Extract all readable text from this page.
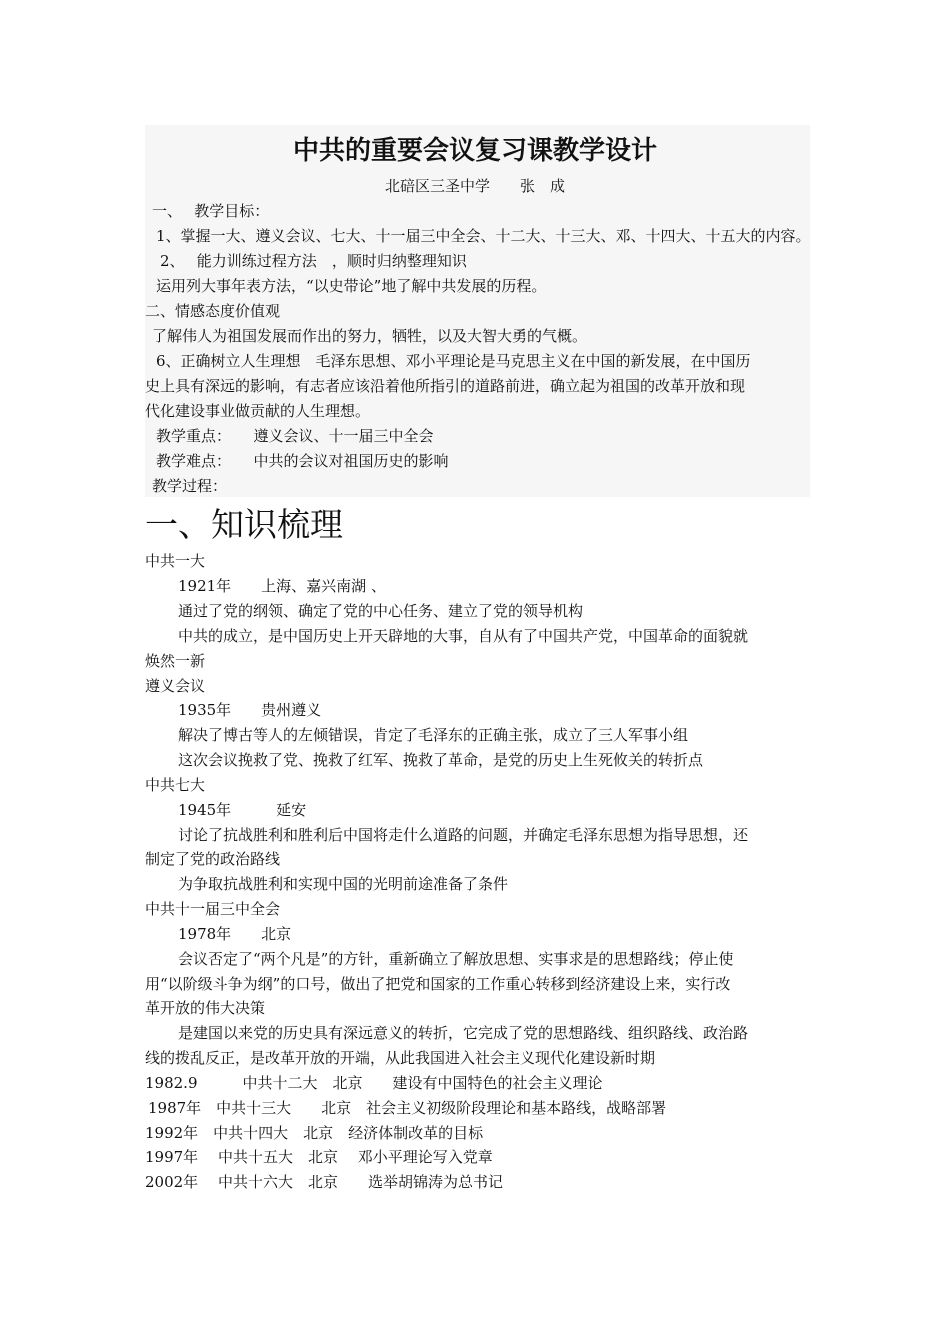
中共的重要会议复习课教学设计
北碚区三圣中学　　张　成
一、　 教学目标：
1、掌握一大、遵义会议、七大、十一届三中全会、十二大、十三大、邓、十四大、十五大的内容。
2、　 能力训练过程方法　，顺时归纳整理知识
运用列大事年表方法，“以史带论”地了解中共发展的历程。
二、情感态度价值观
了解伟人为祖国发展而作出的努力，牺牲，以及大智大勇的气概。
6、正确树立人生理想　毛泽东思想、邓小平理论是马克思主义在中国的新发展，在中国历
史上具有深远的影响，有志者应该沿着他所指引的道路前进，确立起为祖国的改革开放和现
代化建设事业做贡献的人生理想。
教学重点：　　遵义会议、十一届三中全会
教学难点：　　中共的会议对祖国历史的影响
教学过程：
一、知识梳理
中共一大
1921年　　上海、嘉兴南湖 、
通过了党的纲领、确定了党的中心任务、建立了党的领导机构
中共的成立，是中国历史上开天辟地的大事，自从有了中国共产党，中国革命的面貌就
焕然一新
遵义会议
1935年　　贵州遵义
解决了博古等人的左倾错误，肯定了毛泽东的正确主张，成立了三人军事小组
这次会议挽救了党、挽救了红军、挽救了革命，是党的历史上生死攸关的转折点
中共七大
1945年　　　延安
讨论了抗战胜利和胜利后中国将走什么道路的问题，并确定毛泽东思想为指导思想，还
制定了党的政治路线
为争取抗战胜利和实现中国的光明前途准备了条件
中共十一届三中全会
1978年　　北京
会议否定了“两个凡是”的方针，重新确立了解放思想、实事求是的思想路线；停止使
用“以阶级斗争为纲”的口号，做出了把党和国家的工作重心转移到经济建设上来，实行改
革开放的伟大决策
是建国以来党的历史具有深远意义的转折，它完成了党的思想路线、组织路线、政治路
线的拨乱反正，是改革开放的开端，从此我国进入社会主义现代化建设新时期
1982.9　　　中共十二大　北京　　建设有中国特色的社会主义理论
1987年　中共十三大　　北京　社会主义初级阶段理论和基本路线，战略部署
1992年　中共十四大　北京　经济体制改革的目标
1997年　 中共十五大　北京　 邓小平理论写入党章
2002年　 中共十六大　北京　　选举胡锦涛为总书记
